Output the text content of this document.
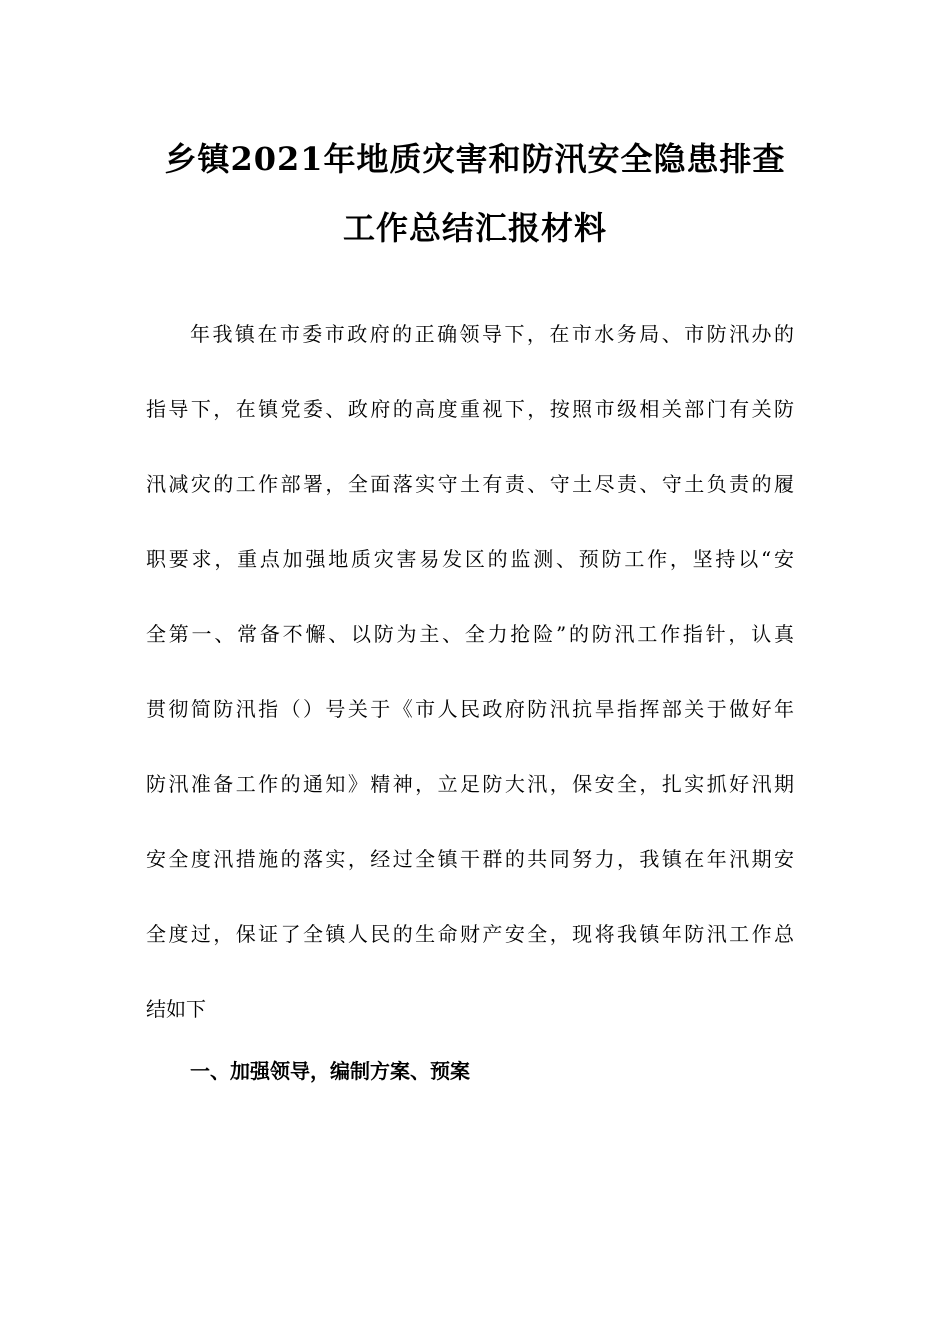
乡镇2021年地质灾害和防汛安全隐患排查
工作总结汇报材料
年我镇在市委市政府的正确领导下，在市水务局、市防汛办的
指导下，在镇党委、政府的高度重视下，按照市级相关部门有关防
汛减灾的工作部署，全面落实守土有责、守土尽责、守土负责的履
职要求，重点加强地质灾害易发区的监测、预防工作，坚持以“安
全第一、常备不懈、以防为主、全力抢险”的防汛工作指针，认真
贯彻简防汛指（）号关于《市人民政府防汛抗旱指挥部关于做好年
防汛准备工作的通知》精神，立足防大汛，保安全，扎实抓好汛期
安全度汛措施的落实，经过全镇干群的共同努力，我镇在年汛期安
全度过，保证了全镇人民的生命财产安全，现将我镇年防汛工作总
结如下
一、加强领导，编制方案、预案
